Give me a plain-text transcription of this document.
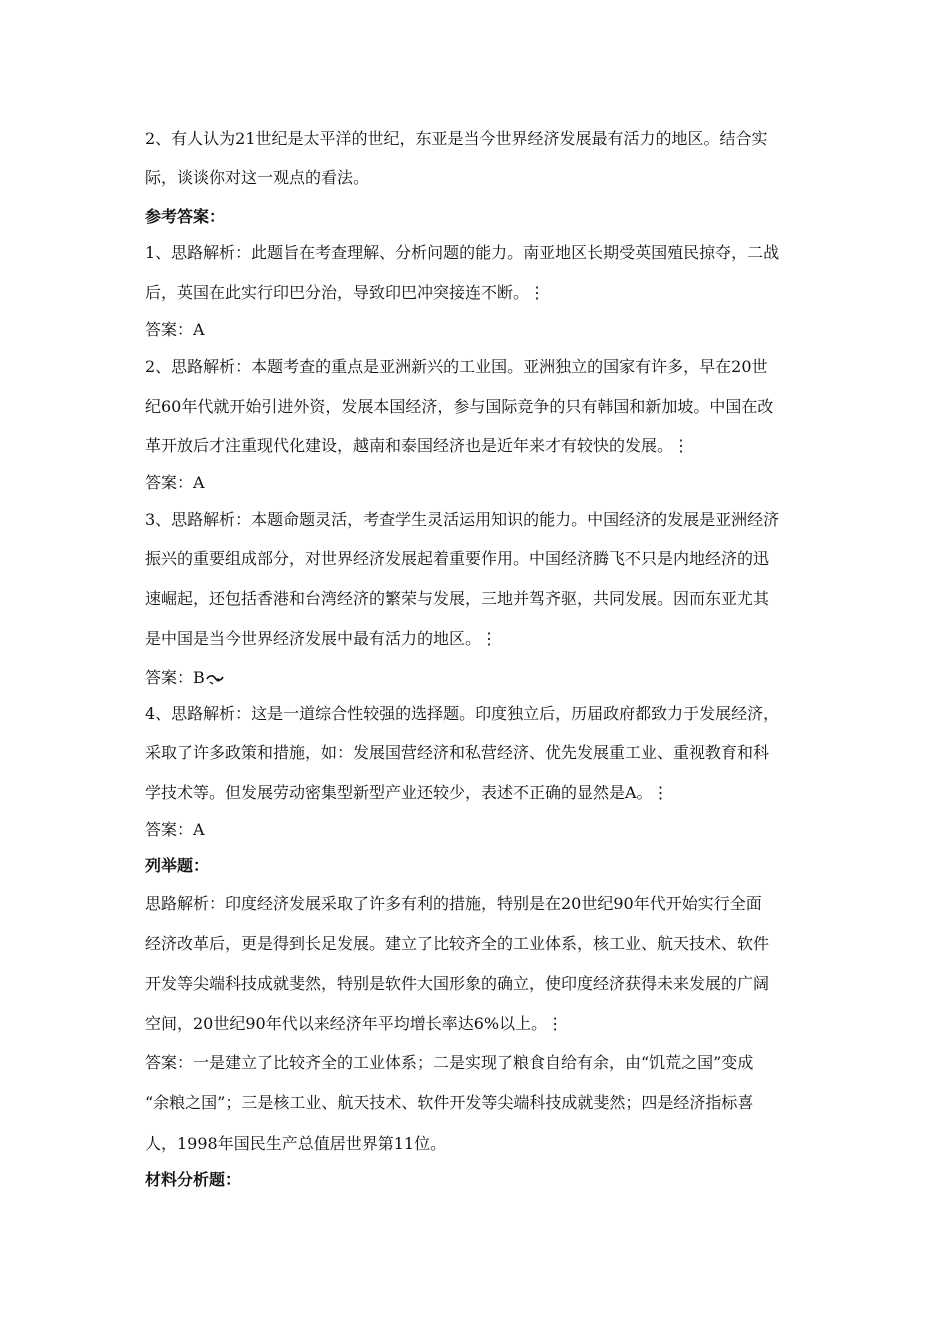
2、有人认为21世纪是太平洋的世纪，东亚是当今世界经济发展最有活力的地区。结合实
际，谈谈你对这一观点的看法。
参考答案：
1、思路解析：此题旨在考查理解、分析问题的能力。南亚地区长期受英国殖民掠夺，二战
后，英国在此实行印巴分治，导致印巴冲突接连不断。⋮
答案：A
2、思路解析：本题考查的重点是亚洲新兴的工业国。亚洲独立的国家有许多，早在20世
纪60年代就开始引进外资，发展本国经济，参与国际竞争的只有韩国和新加坡。中国在改
革开放后才注重现代化建设，越南和泰国经济也是近年来才有较快的发展。⋮
答案：A
3、思路解析：本题命题灵活，考查学生灵活运用知识的能力。中国经济的发展是亚洲经济
振兴的重要组成部分，对世界经济发展起着重要作用。中国经济腾飞不只是内地经济的迅
速崛起，还包括香港和台湾经济的繁荣与发展，三地并驾齐驱，共同发展。因而东亚尤其
是中国是当今世界经济发展中最有活力的地区。⋮
答案：B
4、思路解析：这是一道综合性较强的选择题。印度独立后，历届政府都致力于发展经济，
采取了许多政策和措施，如：发展国营经济和私营经济、优先发展重工业、重视教育和科
学技术等。但发展劳动密集型新型产业还较少，表述不正确的显然是A。⋮
答案：A
列举题：
思路解析：印度经济发展采取了许多有利的措施，特别是在20世纪90年代开始实行全面
经济改革后，更是得到长足发展。建立了比较齐全的工业体系，核工业、航天技术、软件
开发等尖端科技成就斐然，特别是软件大国形象的确立，使印度经济获得未来发展的广阔
空间，20世纪90年代以来经济年平均增长率达6%以上。⋮
答案：一是建立了比较齐全的工业体系；二是实现了粮食自给有余，由“饥荒之国”变成
“余粮之国”；三是核工业、航天技术、软件开发等尖端科技成就斐然；四是经济指标喜
人，1998年国民生产总值居世界第11位。
材料分析题：
